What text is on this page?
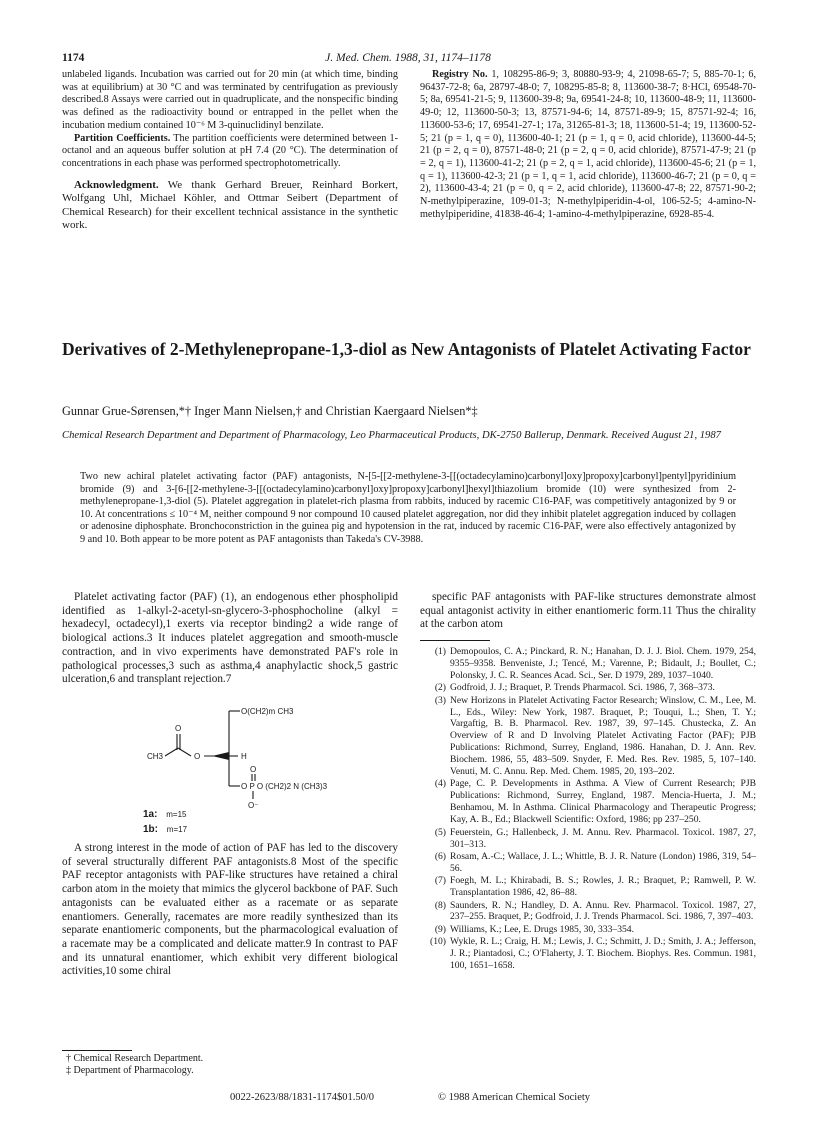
1174	J. Med. Chem. 1988, 31, 1174–1178

unlabeled ligands. Incubation was carried out for 20 min (at which time, binding was at equilibrium) at 30 °C and was terminated by centrifugation as previously described.8 Assays were carried out in quadruplicate, and the nonspecific binding was defined as the radioactivity bound or entrapped in the pellet when the incubation medium contained 10⁻⁶ M 3-quinuclidinyl benzilate.

Partition Coefficients. The partition coefficients were determined between 1-octanol and an aqueous buffer solution at pH 7.4 (20 °C). The determination of concentrations in each phase was performed spectrophotometrically.

Acknowledgment. We thank Gerhard Breuer, Reinhard Borkert, Wolfgang Uhl, Michael Köhler, and Ottmar Seibert (Department of Chemical Research) for their excellent technical assistance in the synthetic work.

Registry No. 1, 108295-86-9; 3, 80880-93-9; 4, 21098-65-7; 5, 885-70-1; 6, 96437-72-8; 6a, 28797-48-0; 7, 108295-85-8; 8, 113600-38-7; 8·HCl, 69548-70-5; 8a, 69541-21-5; 9, 113600-39-8; 9a, 69541-24-8; 10, 113600-48-9; 11, 113600-49-0; 12, 113600-50-3; 13, 87571-94-6; 14, 87571-89-9; 15, 87571-92-4; 16, 113600-53-6; 17, 69541-27-1; 17a, 31265-81-3; 18, 113600-51-4; 19, 113600-52-5; 21 (p = 1, q = 0), 113600-40-1; 21 (p = 1, q = 0, acid chloride), 113600-44-5; 21 (p = 2, q = 0), 87571-48-0; 21 (p = 2, q = 0, acid chloride), 87571-47-9; 21 (p = 2, q = 1), 113600-41-2; 21 (p = 2, q = 1, acid chloride), 113600-45-6; 21 (p = 1, q = 1), 113600-42-3; 21 (p = 1, q = 1, acid chloride), 113600-46-7; 21 (p = 0, q = 2), 113600-43-4; 21 (p = 0, q = 2, acid chloride), 113600-47-8; 22, 87571-90-2; N-methylpiperazine, 109-01-3; N-methylpiperidin-4-ol, 106-52-5; 4-amino-N-methylpiperidine, 41838-46-4; 1-amino-4-methylpiperazine, 6928-85-4.

Derivatives of 2-Methylenepropane-1,3-diol as New Antagonists of Platelet Activating Factor
Gunnar Grue-Sørensen,*† Inger Mann Nielsen,† and Christian Kaergaard Nielsen*‡
Chemical Research Department and Department of Pharmacology, Leo Pharmaceutical Products, DK-2750 Ballerup, Denmark. Received August 21, 1987
Two new achiral platelet activating factor (PAF) antagonists, N-[5-[[2-methylene-3-[[(octadecylamino)carbonyl]oxy]propoxy]carbonyl]pentyl]pyridinium bromide (9) and 3-[6-[[2-methylene-3-[[(octadecylamino)carbonyl]oxy]propoxy]carbonyl]hexyl]thiazolium bromide (10) were synthesized from 2-methylenepropane-1,3-diol (5). Platelet aggregation in platelet-rich plasma from rabbits, induced by racemic C16-PAF, was competitively antagonized by 9 or 10. At concentrations ≤ 10⁻⁴ M, neither compound 9 nor compound 10 caused platelet aggregation, nor did they inhibit platelet aggregation induced by collagen or adenosine diphosphate. Bronchoconstriction in the guinea pig and hypotension in the rat, induced by racemic C16-PAF, were also effectively antagonized by 9 and 10. Both appear to be more potent as PAF antagonists than Takeda's CV-3988.

Platelet activating factor (PAF) (1), an endogenous ether phospholipid identified as 1-alkyl-2-acetyl-sn-glycero-3-phosphocholine (alkyl = hexadecyl, octadecyl),1 exerts via receptor binding2 a wide range of biological actions.3 It induces platelet aggregation and smooth-muscle contraction, and in vivo experiments have demonstrated PAF's role in pathological processes,3 such as asthma,4 anaphylactic shock,5 gastric ulceration,6 and transplant rejection.7

O(CH2)m CH3
O
CH3	O	H
O
O P O (CH2)2 N (CH3)3
O⁻
1a: m=15
1b: m=17

A strong interest in the mode of action of PAF has led to the discovery of several structurally different PAF antagonists.8 Most of the specific PAF receptor antagonists with PAF-like structures have retained a chiral carbon atom in the moiety that mimics the glycerol backbone of PAF. Such antagonists can be evaluated either as a racemate or as separate enantiomers. Generally, racemates are more readily synthesized than its separate enantiomeric components, but the pharmacological evaluation of a racemate may be a complicated and delicate matter.9 In contrast to PAF and its unnatural enantiomer, which exhibit very different biological activities,10 some chiral

† Chemical Research Department.
‡ Department of Pharmacology.

specific PAF antagonists with PAF-like structures demonstrate almost equal antagonist activity in either enantiomeric form.11 Thus the chirality at the carbon atom

(1) Demopoulos, C. A.; Pinckard, R. N.; Hanahan, D. J. J. Biol. Chem. 1979, 254, 9355–9358. Benveniste, J.; Tencé, M.; Varenne, P.; Bidault, J.; Boullet, C.; Polonsky, J. C. R. Seances Acad. Sci., Ser. D 1979, 289, 1037–1040.
(2) Godfroid, J. J.; Braquet, P. Trends Pharmacol. Sci. 1986, 7, 368–373.
(3) New Horizons in Platelet Activating Factor Research; Winslow, C. M., Lee, M. L., Eds., Wiley: New York, 1987. Braquet, P.; Touqui, L.; Shen, T. Y.; Vargaftig, B. B. Pharmacol. Rev. 1987, 39, 97–145. Chustecka, Z. An Overview of R and D Involving Platelet Activating Factor (PAF); PJB Publications: Richmond, Surrey, England, 1986. Hanahan, D. J. Ann. Rev. Biochem. 1986, 55, 483–509. Snyder, F. Med. Res. Rev. 1985, 5, 107–140. Venuti, M. C. Annu. Rep. Med. Chem. 1985, 20, 193–202.
(4) Page, C. P. Developments in Asthma. A View of Current Research; PJB Publications: Richmond, Surrey, England, 1987. Mencia-Huerta, J. M.; Benhamou, M. In Asthma. Clinical Pharmacology and Therapeutic Progress; Kay, A. B., Ed.; Blackwell Scientific: Oxford, 1986; pp 237–250.
(5) Feuerstein, G.; Hallenbeck, J. M. Annu. Rev. Pharmacol. Toxicol. 1987, 27, 301–313.
(6) Rosam, A.-C.; Wallace, J. L.; Whittle, B. J. R. Nature (London) 1986, 319, 54–56.
(7) Foegh, M. L.; Khirabadi, B. S.; Rowles, J. R.; Braquet, P.; Ramwell, P. W. Transplantation 1986, 42, 86–88.
(8) Saunders, R. N.; Handley, D. A. Annu. Rev. Pharmacol. Toxicol. 1987, 27, 237–255. Braquet, P.; Godfroid, J. J. Trends Pharmacol. Sci. 1986, 7, 397–403.
(9) Williams, K.; Lee, E. Drugs 1985, 30, 333–354.
(10) Wykle, R. L.; Craig, H. M.; Lewis, J. C.; Schmitt, J. D.; Smith, J. A.; Jefferson, J. R.; Piantadosi, C.; O'Flaherty, J. T. Biochem. Biophys. Res. Commun. 1981, 100, 1651–1658.
0022-2623/88/1831-1174$01.50/0	© 1988 American Chemical Society
